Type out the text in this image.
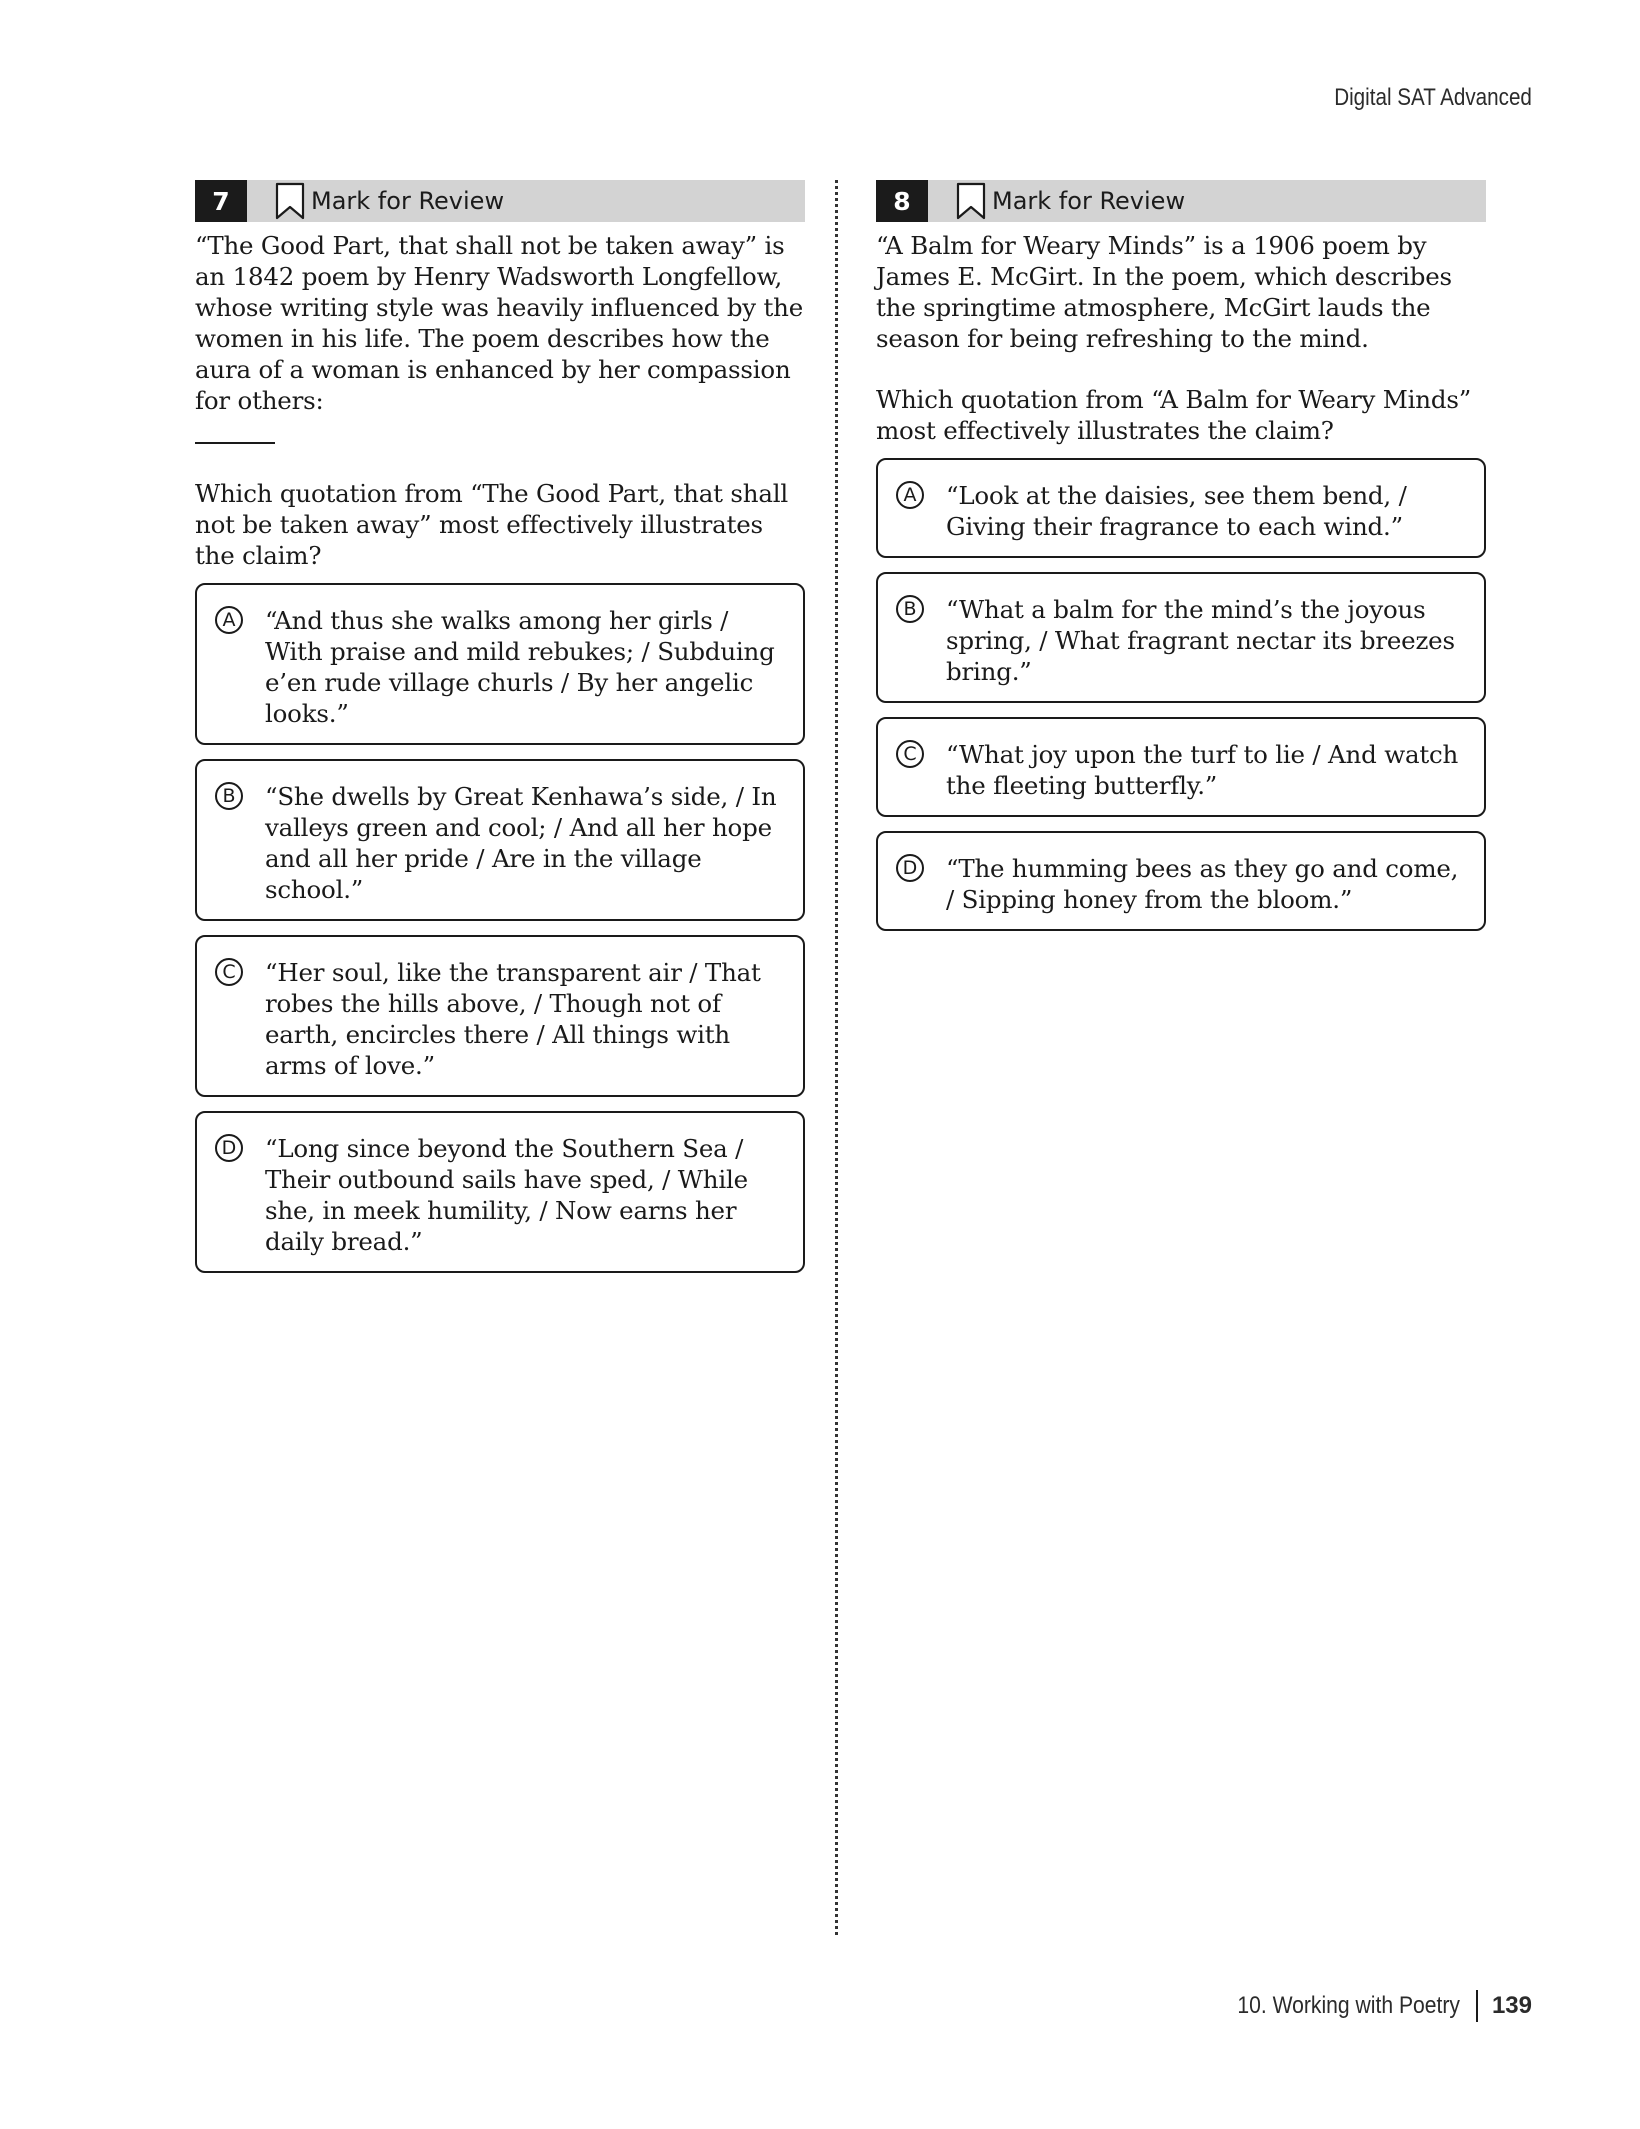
Digital SAT Advanced
7	Mark for Review
“The Good Part, that shall not be taken away” is an 1842 poem by Henry Wadsworth Longfellow, whose writing style was heavily influenced by the women in his life. The poem describes how the aura of a woman is enhanced by her compassion for others:
Which quotation from “The Good Part, that shall not be taken away” most effectively illustrates the claim?
A	“And thus she walks among her girls / With praise and mild rebukes; / Subduing e’en rude village churls / By her angelic looks.”
B	“She dwells by Great Kenhawa’s side, / In valleys green and cool; / And all her hope and all her pride / Are in the village school.”
C	“Her soul, like the transparent air / That robes the hills above, / Though not of earth, encircles there / All things with arms of love.”
D “Long since beyond the Southern Sea / Their outbound sails have sped, / While she, in meek humility, / Now earns her daily bread.”
8	Mark for Review
“A Balm for Weary Minds” is a 1906 poem by James E. McGirt. In the poem, which describes the springtime atmosphere, McGirt lauds the season for being refreshing to the mind.
Which quotation from “A Balm for Weary Minds” most effectively illustrates the claim?
A	“Look at the daisies, see them bend, / Giving their fragrance to each wind.”
B	“What a balm for the mind’s the joyous spring, / What fragrant nectar its breezes bring.”
C	“What joy upon the turf to lie / And watch the fleeting butterfly.”
D “The humming bees as they go and come, / Sipping honey from the bloom.”
10. Working with Poetry 139
